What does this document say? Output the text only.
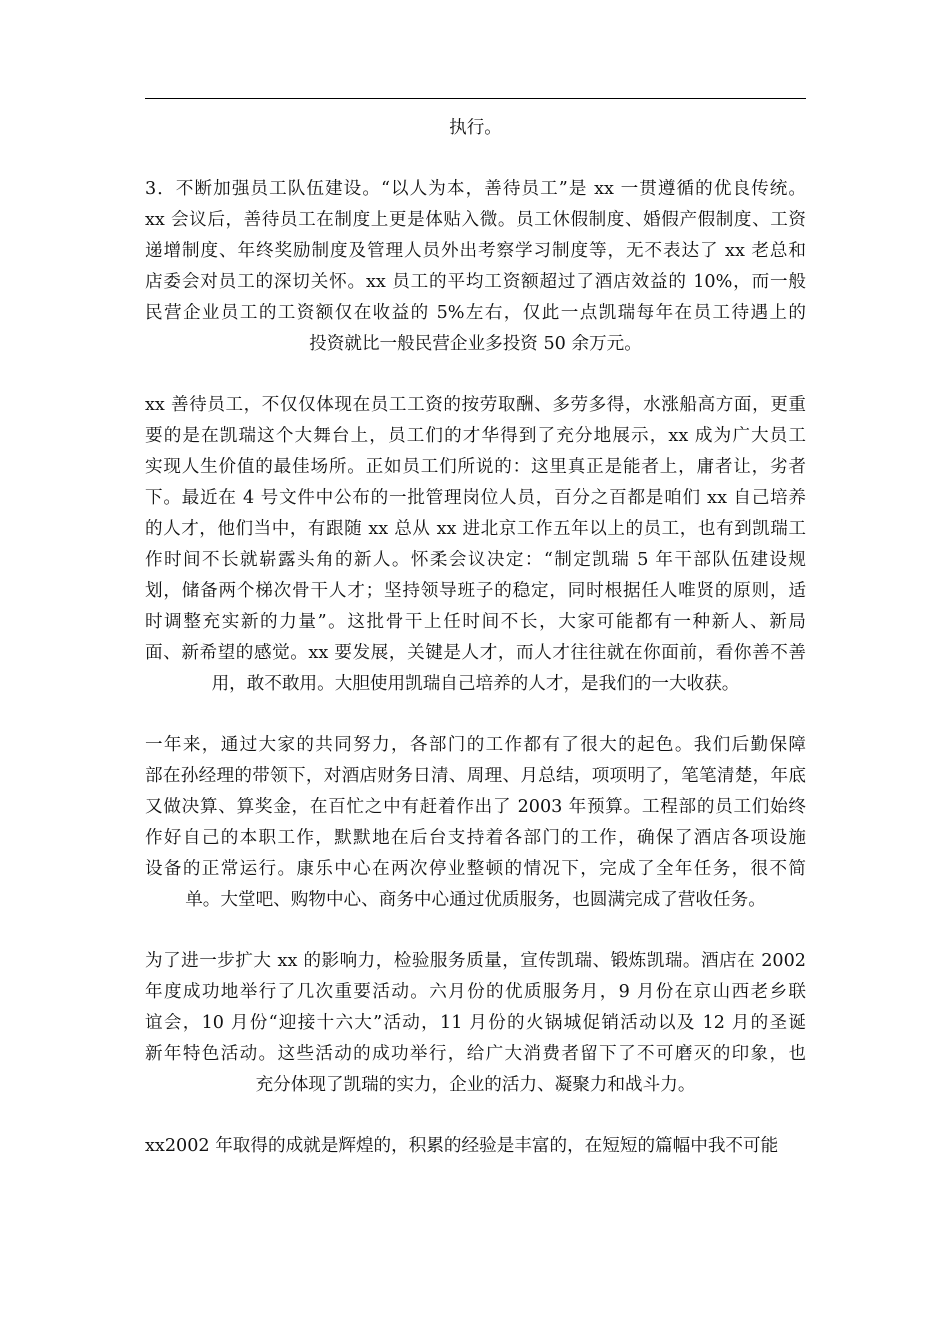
执行。
3．不断加强员工队伍建设。“以人为本，善待员工”是 xx 一贯遵循的优良传统。
xx 会议后，善待员工在制度上更是体贴入微。员工休假制度、婚假产假制度、工资
递增制度、年终奖励制度及管理人员外出考察学习制度等，无不表达了 xx 老总和
店委会对员工的深切关怀。xx 员工的平均工资额超过了酒店效益的 10%，而一般
民营企业员工的工资额仅在收益的 5%左右，仅此一点凯瑞每年在员工待遇上的
投资就比一般民营企业多投资 50 余万元。
xx 善待员工，不仅仅体现在员工工资的按劳取酬、多劳多得，水涨船高方面，更重
要的是在凯瑞这个大舞台上，员工们的才华得到了充分地展示，xx 成为广大员工
实现人生价值的最佳场所。正如员工们所说的：这里真正是能者上，庸者让，劣者
下。最近在 4 号文件中公布的一批管理岗位人员，百分之百都是咱们 xx 自己培养
的人才，他们当中，有跟随 xx 总从 xx 进北京工作五年以上的员工，也有到凯瑞工
作时间不长就崭露头角的新人。怀柔会议决定：“制定凯瑞 5 年干部队伍建设规
划，储备两个梯次骨干人才；坚持领导班子的稳定，同时根据任人唯贤的原则，适
时调整充实新的力量”。这批骨干上任时间不长，大家可能都有一种新人、新局
面、新希望的感觉。xx 要发展，关键是人才，而人才往往就在你面前，看你善不善
用，敢不敢用。大胆使用凯瑞自己培养的人才，是我们的一大收获。
一年来，通过大家的共同努力，各部门的工作都有了很大的起色。我们后勤保障
部在孙经理的带领下，对酒店财务日清、周理、月总结，项项明了，笔笔清楚，年底
又做决算、算奖金，在百忙之中有赶着作出了 2003 年预算。工程部的员工们始终
作好自己的本职工作，默默地在后台支持着各部门的工作，确保了酒店各项设施
设备的正常运行。康乐中心在两次停业整顿的情况下，完成了全年任务，很不简
单。大堂吧、购物中心、商务中心通过优质服务，也圆满完成了营收任务。
为了进一步扩大 xx 的影响力，检验服务质量，宣传凯瑞、锻炼凯瑞。酒店在 2002
年度成功地举行了几次重要活动。六月份的优质服务月，9 月份在京山西老乡联
谊会，10 月份“迎接十六大”活动，11 月份的火锅城促销活动以及 12 月的圣诞
新年特色活动。这些活动的成功举行，给广大消费者留下了不可磨灭的印象，也
充分体现了凯瑞的实力，企业的活力、凝聚力和战斗力。
xx2002 年取得的成就是辉煌的，积累的经验是丰富的，在短短的篇幅中我不可能
